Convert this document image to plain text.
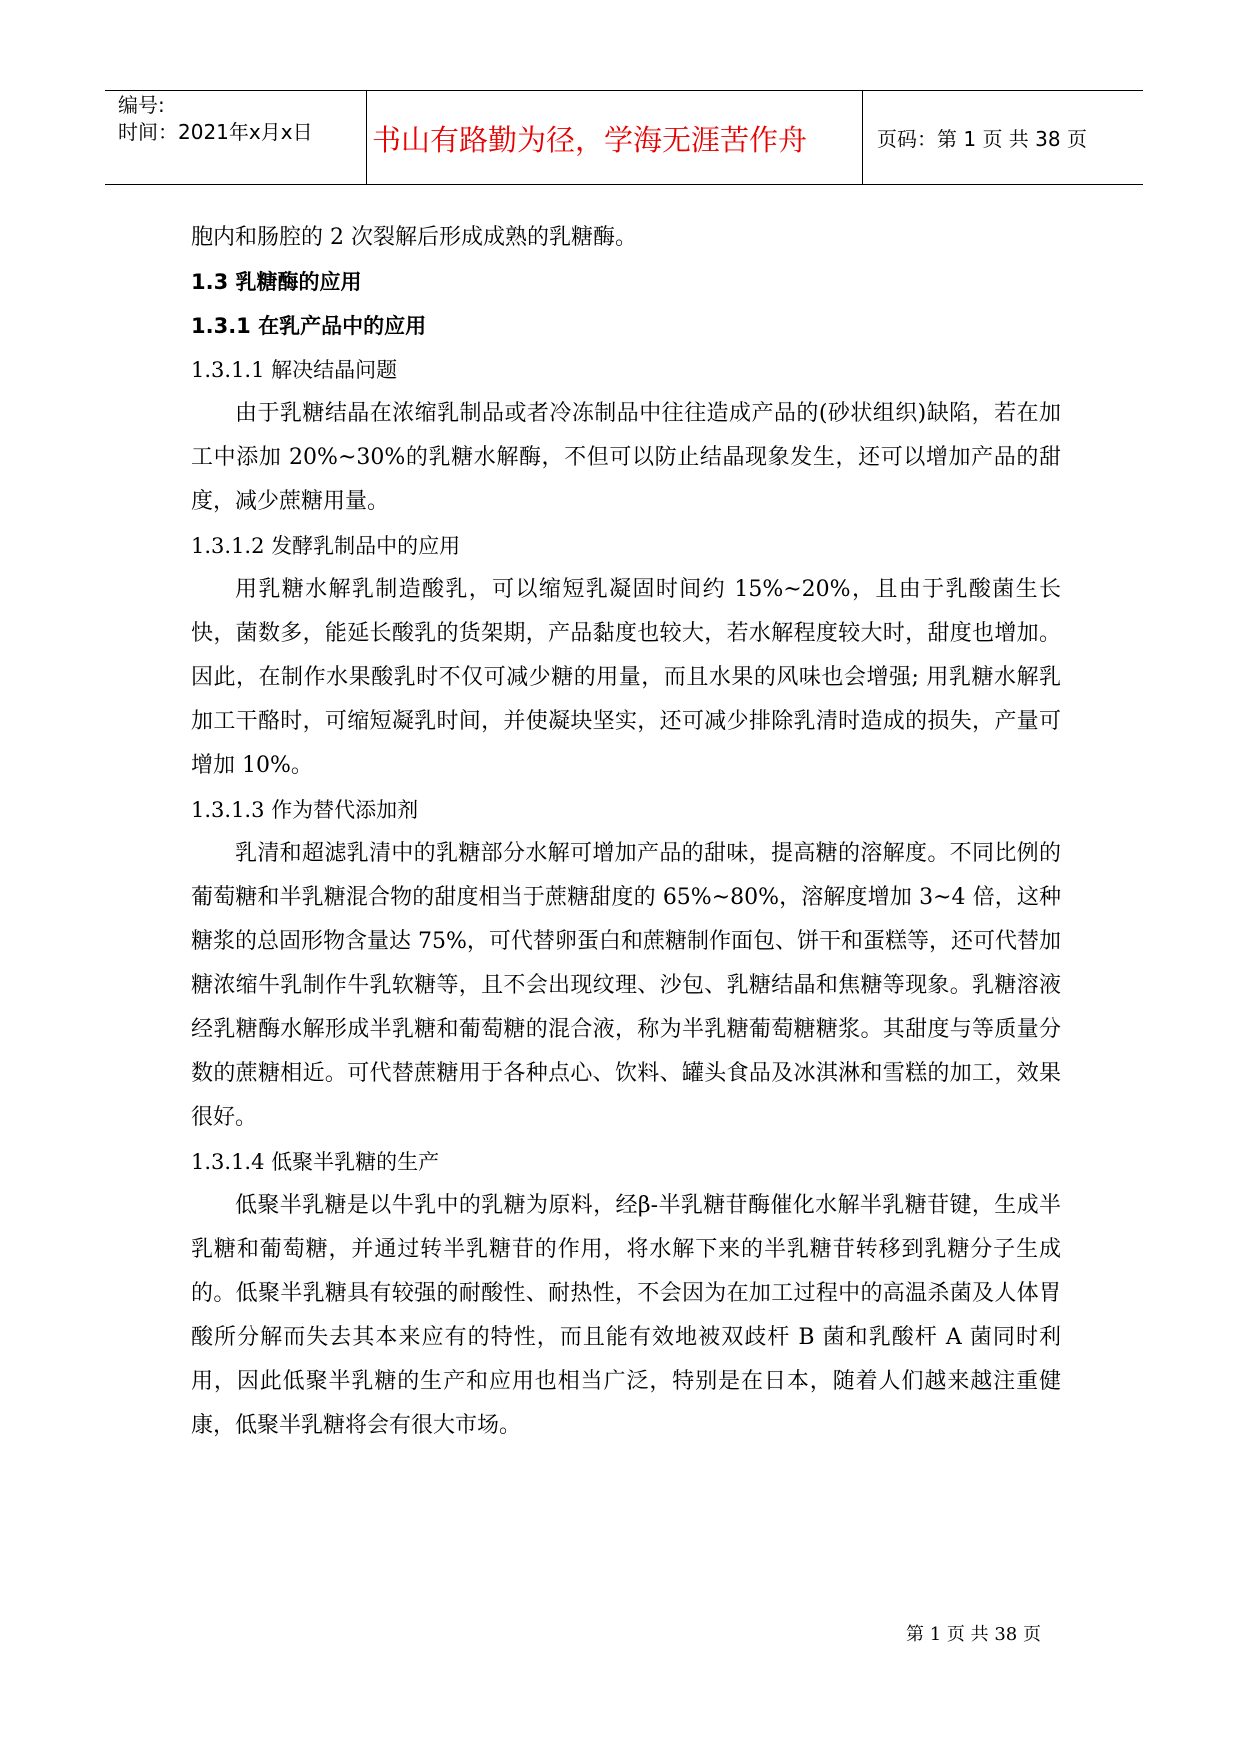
编号:
时间：2021年x月x日 书山有路勤为径，学海无涯苦作舟	页码：第 1 页 共 38 页
胞内和肠腔的 2 次裂解后形成成熟的乳糖酶。
1.3 乳糖酶的应用
1.3.1 在乳产品中的应用
1.3.1.1 解决结晶问题

由于乳糖结晶在浓缩乳制品或者冷冻制品中往往造成产品的(砂状组织)缺陷，若在加工中添加 20%~30%的乳糖水解酶，不但可以防止结晶现象发生，还可以增加产品的甜度，减少蔗糖用量。

1.3.1.2 发酵乳制品中的应用

用乳糖水解乳制造酸乳，可以缩短乳凝固时间约 15%~20%，且由于乳酸菌生长快，菌数多，能延长酸乳的货架期，产品黏度也较大，若水解程度较大时，甜度也增加。因此，在制作水果酸乳时不仅可减少糖的用量，而且水果的风味也会增强; 用乳糖水解乳加工干酪时，可缩短凝乳时间，并使凝块坚实，还可减少排除乳清时造成的损失，产量可增加 10%。

1.3.1.3 作为替代添加剂

乳清和超滤乳清中的乳糖部分水解可增加产品的甜味，提高糖的溶解度。不同比例的葡萄糖和半乳糖混合物的甜度相当于蔗糖甜度的 65%~80%，溶解度增加 3~4 倍，这种糖浆的总固形物含量达 75%，可代替卵蛋白和蔗糖制作面包、饼干和蛋糕等，还可代替加糖浓缩牛乳制作牛乳软糖等，且不会出现纹理、沙包、乳糖结晶和焦糖等现象。乳糖溶液经乳糖酶水解形成半乳糖和葡萄糖的混合液，称为半乳糖葡萄糖糖浆。其甜度与等质量分数的蔗糖相近。可代替蔗糖用于各种点心、饮料、罐头食品及冰淇淋和雪糕的加工，效果很好。

1.3.1.4 低聚半乳糖的生产

低聚半乳糖是以牛乳中的乳糖为原料，经β-半乳糖苷酶催化水解半乳糖苷键，生成半乳糖和葡萄糖，并通过转半乳糖苷的作用，将水解下来的半乳糖苷转移到乳糖分子生成的。低聚半乳糖具有较强的耐酸性、耐热性，不会因为在加工过程中的高温杀菌及人体胃酸所分解而失去其本来应有的特性，而且能有效地被双歧杆 B 菌和乳酸杆 A 菌同时利用，因此低聚半乳糖的生产和应用也相当广泛，特别是在日本，随着人们越来越注重健康，低聚半乳糖将会有很大市场。

第 1 页 共 38 页
